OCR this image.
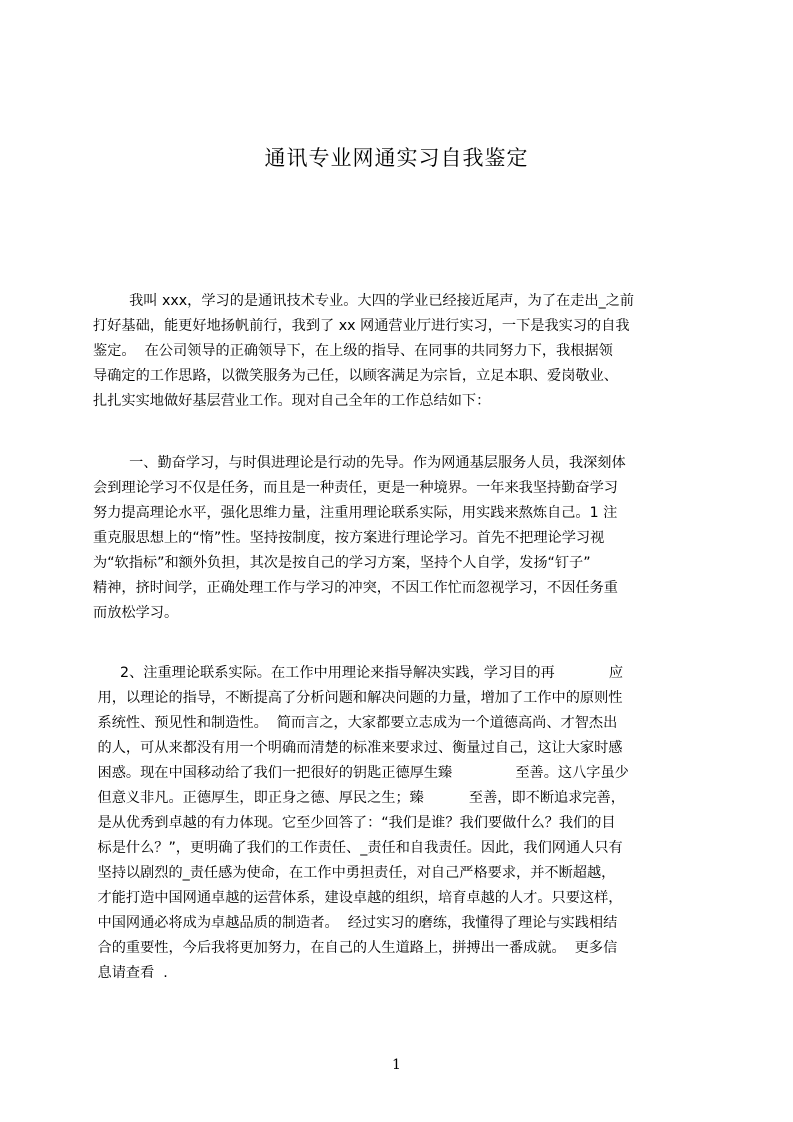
通讯专业网通实习自我鉴定
我叫 xxx，学习的是通讯技术专业。大四的学业已经接近尾声，为了在走出_之前
打好基础，能更好地扬帆前行，我到了 xx 网通营业厅进行实习，一下是我实习的自我
鉴定。  在公司领导的正确领导下，在上级的指导、在同事的共同努力下，我根据领
导确定的工作思路，以微笑服务为己任，以顾客满足为宗旨，立足本职、爱岗敬业、
扎扎实实地做好基层营业工作。现对自己全年的工作总结如下：
一、勤奋学习，与时俱进理论是行动的先导。作为网通基层服务人员，我深刻体
会到理论学习不仅是任务，而且是一种责任，更是一种境界。一年来我坚持勤奋学习
努力提高理论水平，强化思维力量，注重用理论联系实际，用实践来熬炼自己。1 注
重克服思想上的“惰”性。坚持按制度，按方案进行理论学习。首先不把理论学习视
为“软指标”和额外负担，其次是按自己的学习方案，坚持个人自学，发扬“钉子”
精神，挤时间学，正确处理工作与学习的冲突，不因工作忙而忽视学习，不因任务重
而放松学习。
2、注重理论联系实际。在工作中用理论来指导解决实践，学习目的再            应
用，以理论的指导，不断提高了分析问题和解决问题的力量，增加了工作中的原则性
系统性、预见性和制造性。  简而言之，大家都要立志成为一个道德高尚、才智杰出
的人，可从来都没有用一个明确而清楚的标准来要求过、衡量过自己，这让大家时感
困惑。现在中国移动给了我们一把很好的钥匙正德厚生臻              至善。这八字虽少
但意义非凡。正德厚生，即正身之德、厚民之生；臻          至善，即不断追求完善，
是从优秀到卓越的有力体现。它至少回答了：“我们是谁？我们要做什么？我们的目
标是什么？”，更明确了我们的工作责任、_责任和自我责任。因此，我们网通人只有
坚持以剧烈的_责任感为使命，在工作中勇担责任，对自己严格要求，并不断超越，
才能打造中国网通卓越的运营体系，建设卓越的组织，培育卓越的人才。只要这样，
中国网通必将成为卓越品质的制造者。  经过实习的磨练，我懂得了理论与实践相结
合的重要性，今后我将更加努力，在自己的人生道路上，拼搏出一番成就。  更多信
息请查看  .
1
